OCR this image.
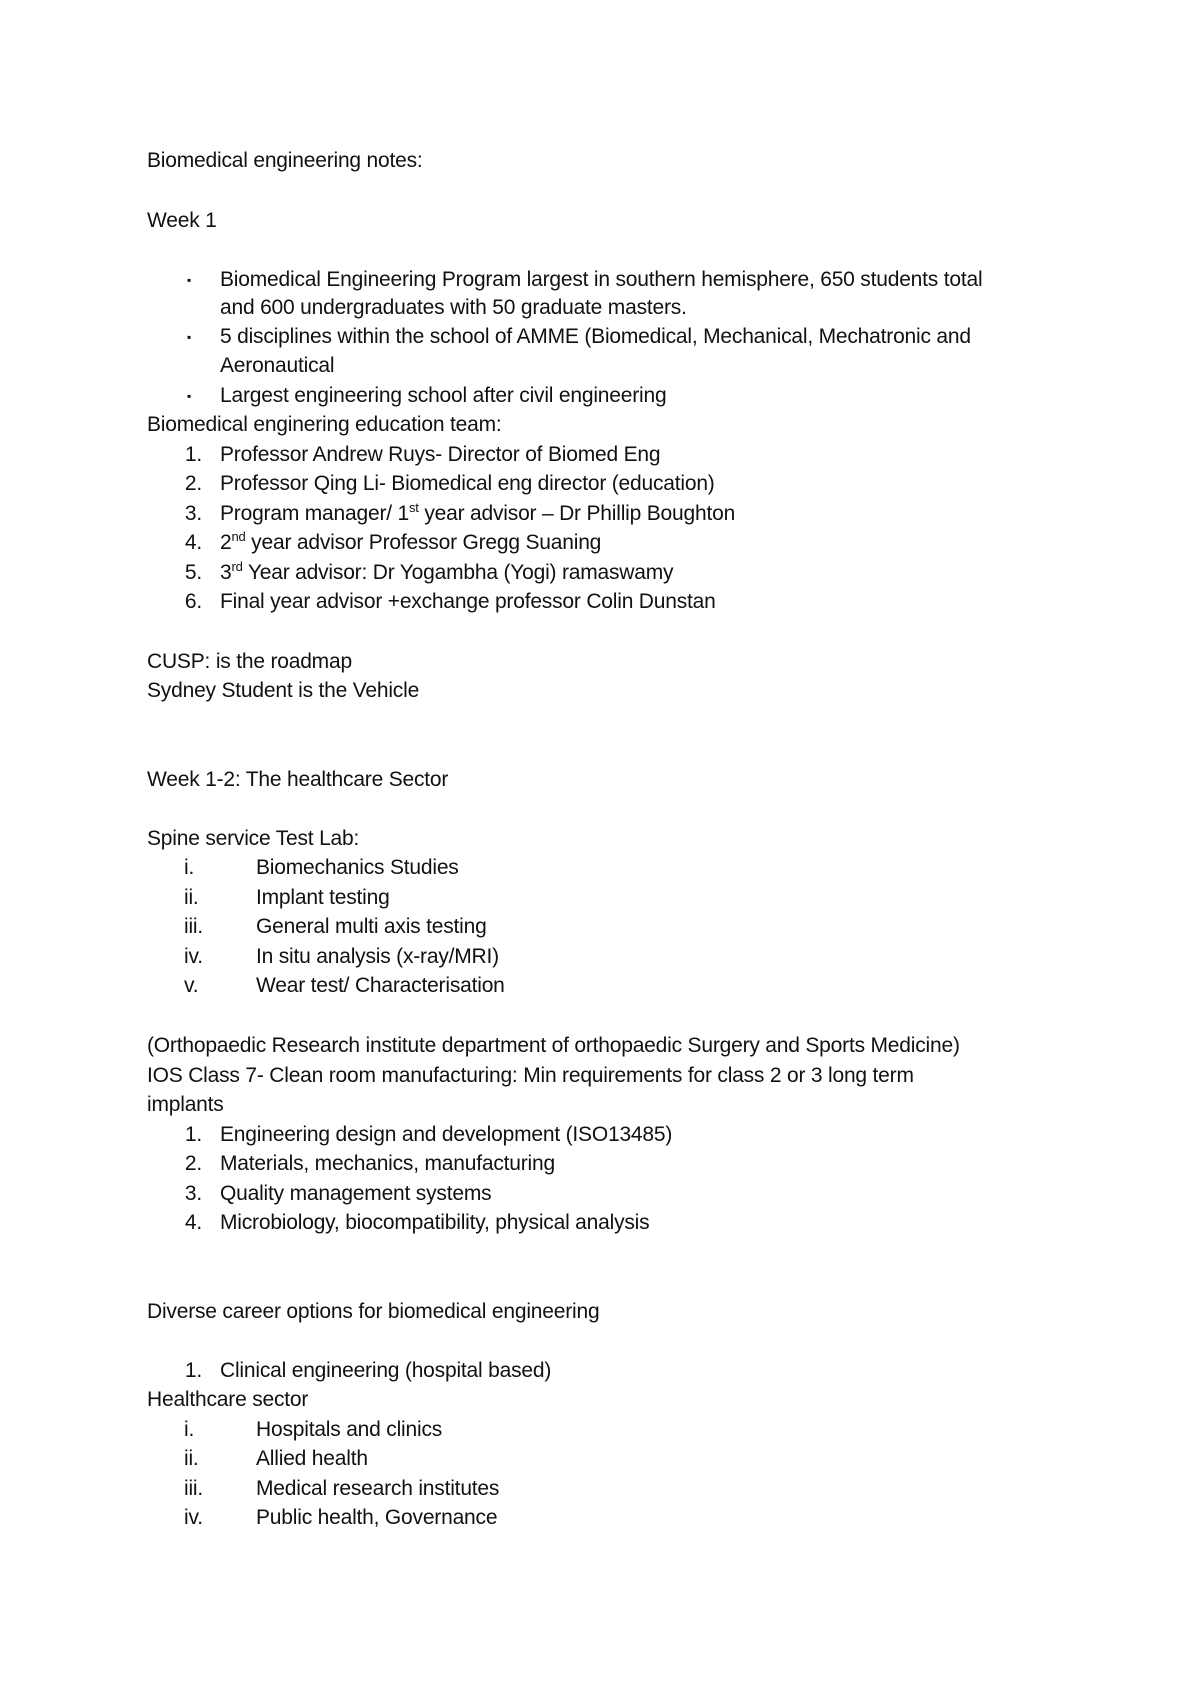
Biomedical engineering notes:
Week 1
▪ Biomedical Engineering Program largest in southern hemisphere, 650 students total
and 600 undergraduates with 50 graduate masters.
▪ 5 disciplines within the school of AMME (Biomedical, Mechanical, Mechatronic and
Aeronautical
▪ Largest engineering school after civil engineering
Biomedical enginering education team:
1. Professor Andrew Ruys- Director of Biomed Eng
2. Professor Qing Li- Biomedical eng director (education)
3. Program manager/ 1st year advisor – Dr Phillip Boughton
4. 2nd year advisor Professor Gregg Suaning
5. 3rd Year advisor: Dr Yogambha (Yogi) ramaswamy
6. Final year advisor +exchange professor Colin Dunstan
CUSP: is the roadmap
Sydney Student is the Vehicle
Week 1-2: The healthcare Sector
Spine service Test Lab:
i.	Biomechanics Studies
ii.	Implant testing
iii.	General multi axis testing
iv.	In situ analysis (x-ray/MRI)
v.	Wear test/ Characterisation
(Orthopaedic Research institute department of orthopaedic Surgery and Sports Medicine)
IOS Class 7- Clean room manufacturing: Min requirements for class 2 or 3 long term
implants
1. Engineering design and development (ISO13485)
2. Materials, mechanics, manufacturing
3. Quality management systems
4. Microbiology, biocompatibility, physical analysis
Diverse career options for biomedical engineering
1. Clinical engineering (hospital based)
Healthcare sector
i.	Hospitals and clinics
ii.	Allied health
iii.	Medical research institutes
iv.	Public health, Governance
